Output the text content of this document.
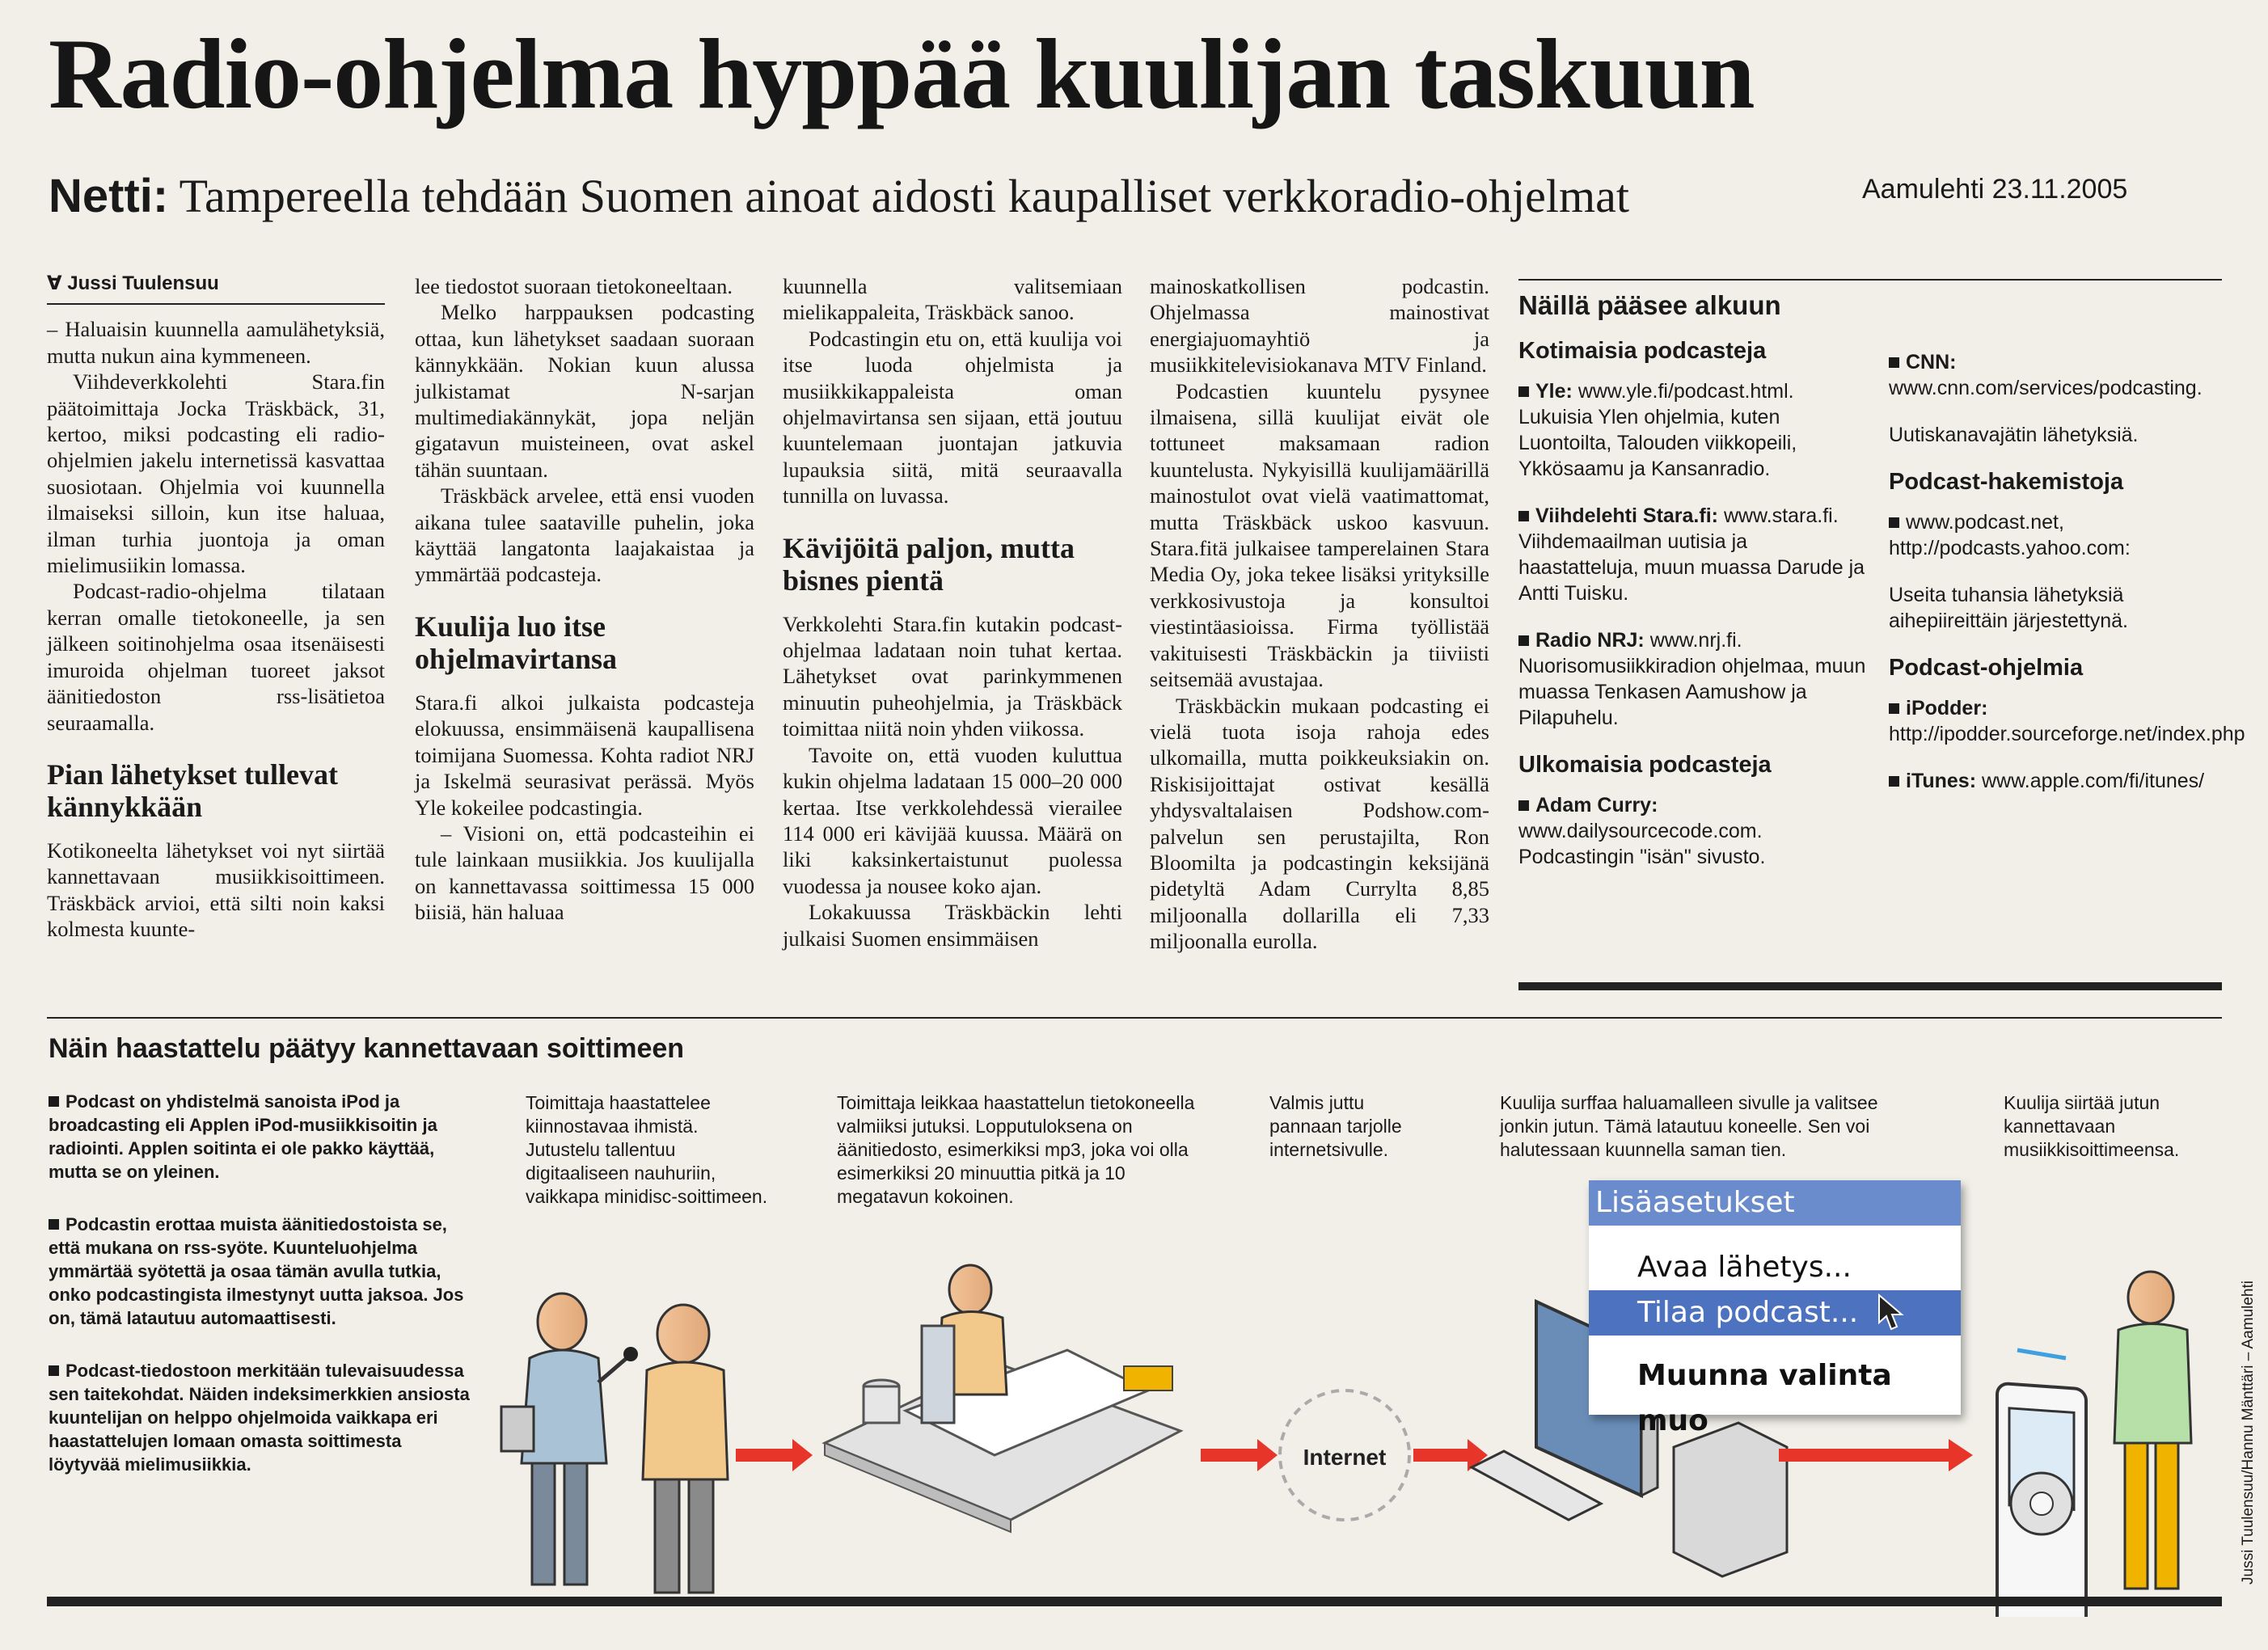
Radio-ohjelma hyppää kuulijan taskuun
Netti: Tampereella tehdään Suomen ainoat aidosti kaupalliset verkkoradio-ohjelmat	Aamulehti 23.11.2005
Ɐ Jussi Tuulensuu

– Haluaisin kuunnella aamulähetyksiä, mutta nukun aina kymmeneen.

Viihdeverkkolehti Stara.fin päätoimittaja Jocka Träskbäck, 31, kertoo, miksi podcasting eli radio-ohjelmien jakelu internetissä kasvattaa suosiotaan. Ohjelmia voi kuunnella ilmaiseksi silloin, kun itse haluaa, ilman turhia juontoja ja oman mielimusiikin lomassa.

Podcast-radio-ohjelma tilataan kerran omalle tietokoneelle, ja sen jälkeen soitinohjelma osaa itsenäisesti imuroida ohjelman tuoreet jaksot äänitiedoston rss-lisätietoa seuraamalla.

Pian lähetykset tullevat kännykkään

Kotikoneelta lähetykset voi nyt siirtää kannettavaan musiikkisoittimeen. Träskbäck arvioi, että silti noin kaksi kolmesta kuunte-

lee tiedostot suoraan tietokoneeltaan.

Melko harppauksen podcasting ottaa, kun lähetykset saadaan suoraan kännykkään. Nokian kuun alussa julkistamat N-sarjan multimediakännykät, jopa neljän gigatavun muisteineen, ovat askel tähän suuntaan.

Träskbäck arvelee, että ensi vuoden aikana tulee saataville puhelin, joka käyttää langatonta laajakaistaa ja ymmärtää podcasteja.

Kuulija luo itse ohjelmavirtansa

Stara.fi alkoi julkaista podcasteja elokuussa, ensimmäisenä kaupallisena toimijana Suomessa. Kohta radiot NRJ ja Iskelmä seurasivat perässä. Myös Yle kokeilee podcastingia.

– Visioni on, että podcasteihin ei tule lainkaan musiikkia. Jos kuulijalla on kannettavassa soittimessa 15 000 biisiä, hän haluaa

kuunnella valitsemiaan mielikappaleita, Träskbäck sanoo.

Podcastingin etu on, että kuulija voi itse luoda ohjelmista ja musiikkikappaleista oman ohjelmavirtansa sen sijaan, että joutuu kuuntelemaan juontajan jatkuvia lupauksia siitä, mitä seuraavalla tunnilla on luvassa.

Kävijöitä paljon, mutta bisnes pientä

Verkkolehti Stara.fin kutakin podcast-ohjelmaa ladataan noin tuhat kertaa. Lähetykset ovat parinkymmenen minuutin puheohjelmia, ja Träskbäck toimittaa niitä noin yhden viikossa.

Tavoite on, että vuoden kuluttua kukin ohjelma ladataan 15 000–20 000 kertaa. Itse verkkolehdessä vierailee 114 000 eri kävijää kuussa. Määrä on liki kaksinkertaistunut puolessa vuodessa ja nousee koko ajan.

Lokakuussa Träskbäckin lehti julkaisi Suomen ensimmäisen

mainoskatkollisen podcastin. Ohjelmassa mainostivat energiajuomayhtiö ja musiikkitelevisiokanava MTV Finland.

Podcastien kuuntelu pysynee ilmaisena, sillä kuulijat eivät ole tottuneet maksamaan radion kuuntelusta. Nykyisillä kuulijamäärillä mainostulot ovat vielä vaatimattomat, mutta Träskbäck uskoo kasvuun. Stara.fitä julkaisee tamperelainen Stara Media Oy, joka tekee lisäksi yrityksille verkkosivustoja ja konsultoi viestintäasioissa. Firma työllistää vakituisesti Träskbäckin ja tiiviisti seitsemää avustajaa.

Träskbäckin mukaan podcasting ei vielä tuota isoja rahoja edes ulkomailla, mutta poikkeuksiakin on. Riskisijoittajat ostivat kesällä yhdysvaltalaisen Podshow.com-palvelun sen perustajilta, Ron Bloomilta ja podcastingin keksijänä pidetyltä Adam Currylta 8,85 miljoonalla dollarilla eli 7,33 miljoonalla eurolla.

Näillä pääsee alkuun
Kotimaisia podcasteja

Yle: www.yle.fi/podcast.html. Lukuisia Ylen ohjelmia, kuten Luontoilta, Talouden viikkopeili, Ykkösaamu ja Kansanradio.

Viihdelehti Stara.fi: www.stara.fi. Viihdemaailman uutisia ja haastatteluja, muun muassa Darude ja Antti Tuisku.

Radio NRJ: www.nrj.fi. Nuorisomusiikkiradion ohjelmaa, muun muassa Tenkasen Aamushow ja Pilapuhelu.

Ulkomaisia podcasteja

Adam Curry: www.dailysourcecode.com. Podcastingin "isän" sivusto.

CNN:
www.cnn.com/services/podcasting.

Uutiskanavajätin lähetyksiä.

Podcast-hakemistoja

www.podcast.net, http://podcasts.yahoo.com:

Useita tuhansia lähetyksiä aihepiireittäin järjestettynä.

Podcast-ohjelmia

iPodder: http://ipodder.sourceforge.net/index.php

iTunes: www.apple.com/fi/itunes/

Näin haastattelu päätyy kannettavaan soittimeen

Podcast on yhdistelmä sanoista iPod ja broadcasting eli Applen iPod-musiikkisoitin ja radiointi. Applen soitinta ei ole pakko käyttää, mutta se on yleinen.

Podcastin erottaa muista äänitiedostoista se, että mukana on rss-syöte. Kuunteluohjelma ymmärtää syötettä ja osaa tämän avulla tutkia, onko podcastingista ilmestynyt uutta jaksoa. Jos on, tämä latautuu automaattisesti.

Podcast-tiedostoon merkitään tulevaisuudessa sen taitekohdat. Näiden indeksimerkkien ansiosta kuuntelijan on helppo ohjelmoida vaikkapa eri haastattelujen lomaan omasta soittimesta löytyvää mielimusiikkia.

Toimittaja haastattelee kiinnostavaa ihmistä. Jutustelu tallentuu digitaaliseen nauhuriin, vaikkapa minidisc-soittimeen.
Toimittaja leikkaa haastattelun tietokoneella valmiiksi jutuksi. Lopputuloksena on äänitiedosto, esimerkiksi mp3, joka voi olla esimerkiksi 20 minuuttia pitkä ja 10 megatavun kokoinen.
Valmis juttu pannaan tarjolle internetsivulle.
Kuulija surffaa haluamalleen sivulle ja valitsee jonkin jutun. Tämä latautuu koneelle. Sen voi halutessaan kuunnella saman tien.
Kuulija siirtää jutun kannettavaan musiikkisoittimeensa.
Internet
Lisäasetukset
Avaa lähetys...
Tilaa podcast...
Muunna valinta muo	Jussi Tuulensuu/Hannu Mänttäri – Aamulehti
